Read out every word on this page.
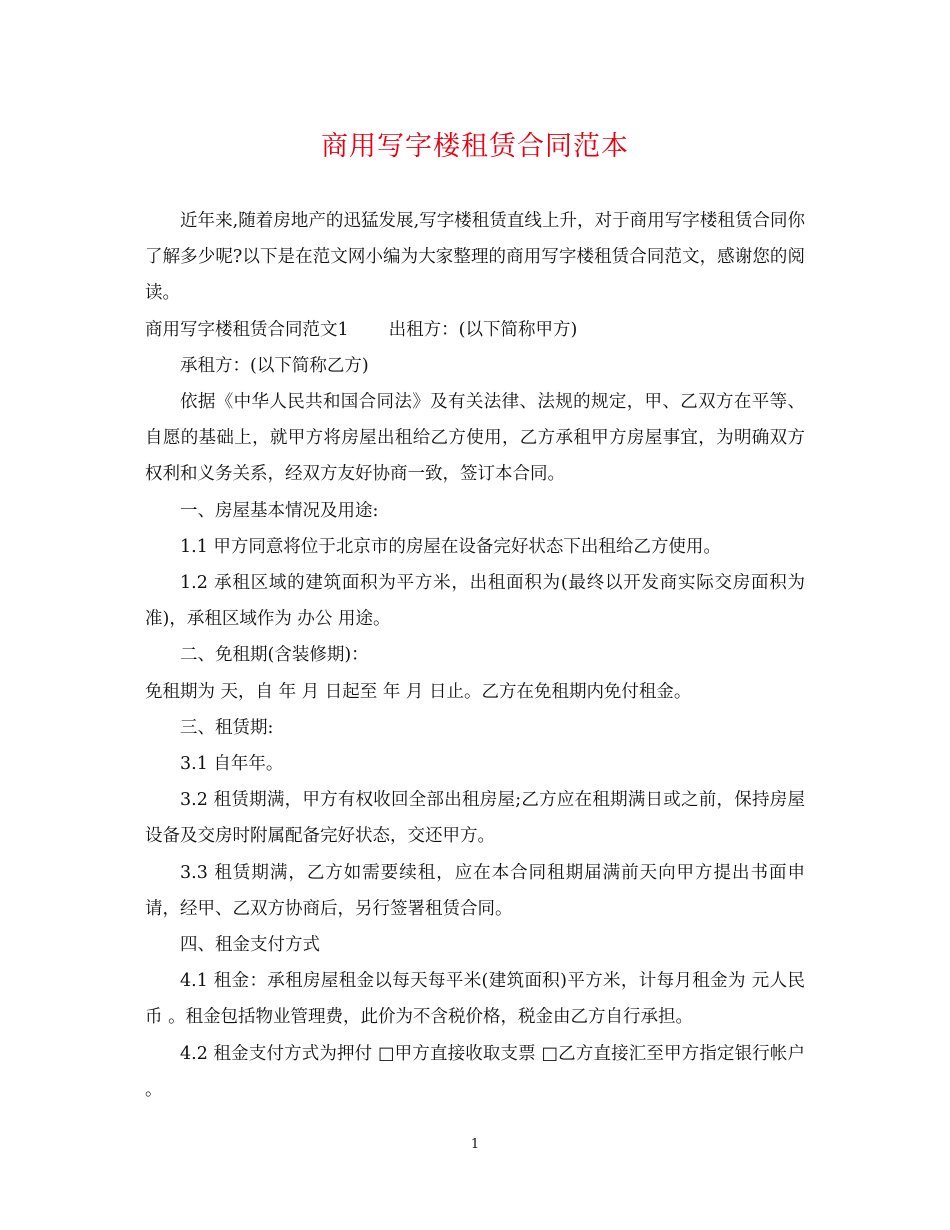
商用写字楼租赁合同范本

近年来,随着房地产的迅猛发展,写字楼租赁直线上升，对于商用写字楼租赁合同你了解多少呢?以下是在范文网小编为大家整理的商用写字楼租赁合同范文，感谢您的阅读。

商用写字楼租赁合同范文1 出租方：(以下简称甲方)

承租方：(以下简称乙方)

依据《中华人民共和国合同法》及有关法律、法规的规定，甲、乙双方在平等、自愿的基础上，就甲方将房屋出租给乙方使用，乙方承租甲方房屋事宜，为明确双方权利和义务关系，经双方友好协商一致，签订本合同。

一、房屋基本情况及用途:

1.1 甲方同意将位于北京市的房屋在设备完好状态下出租给乙方使用。

1.2 承租区域的建筑面积为平方米，出租面积为(最终以开发商实际交房面积为准)，承租区域作为 办公 用途。

二、免租期(含装修期)：

免租期为 天，自 年 月 日起至 年 月 日止。乙方在免租期内免付租金。

三、租赁期:

3.1 自年年。

3.2 租赁期满，甲方有权收回全部出租房屋;乙方应在租期满日或之前，保持房屋设备及交房时附属配备完好状态，交还甲方。

3.3 租赁期满，乙方如需要续租，应在本合同租期届满前天向甲方提出书面申请，经甲、乙双方协商后，另行签署租赁合同。

四、租金支付方式

4.1 租金：承租房屋租金以每天每平米(建筑面积)平方米，计每月租金为 元人民币 。租金包括物业管理费，此价为不含税价格，税金由乙方自行承担。

4.2 租金支付方式为押付 □甲方直接收取支票 □乙方直接汇至甲方指定银行帐户 。

1
